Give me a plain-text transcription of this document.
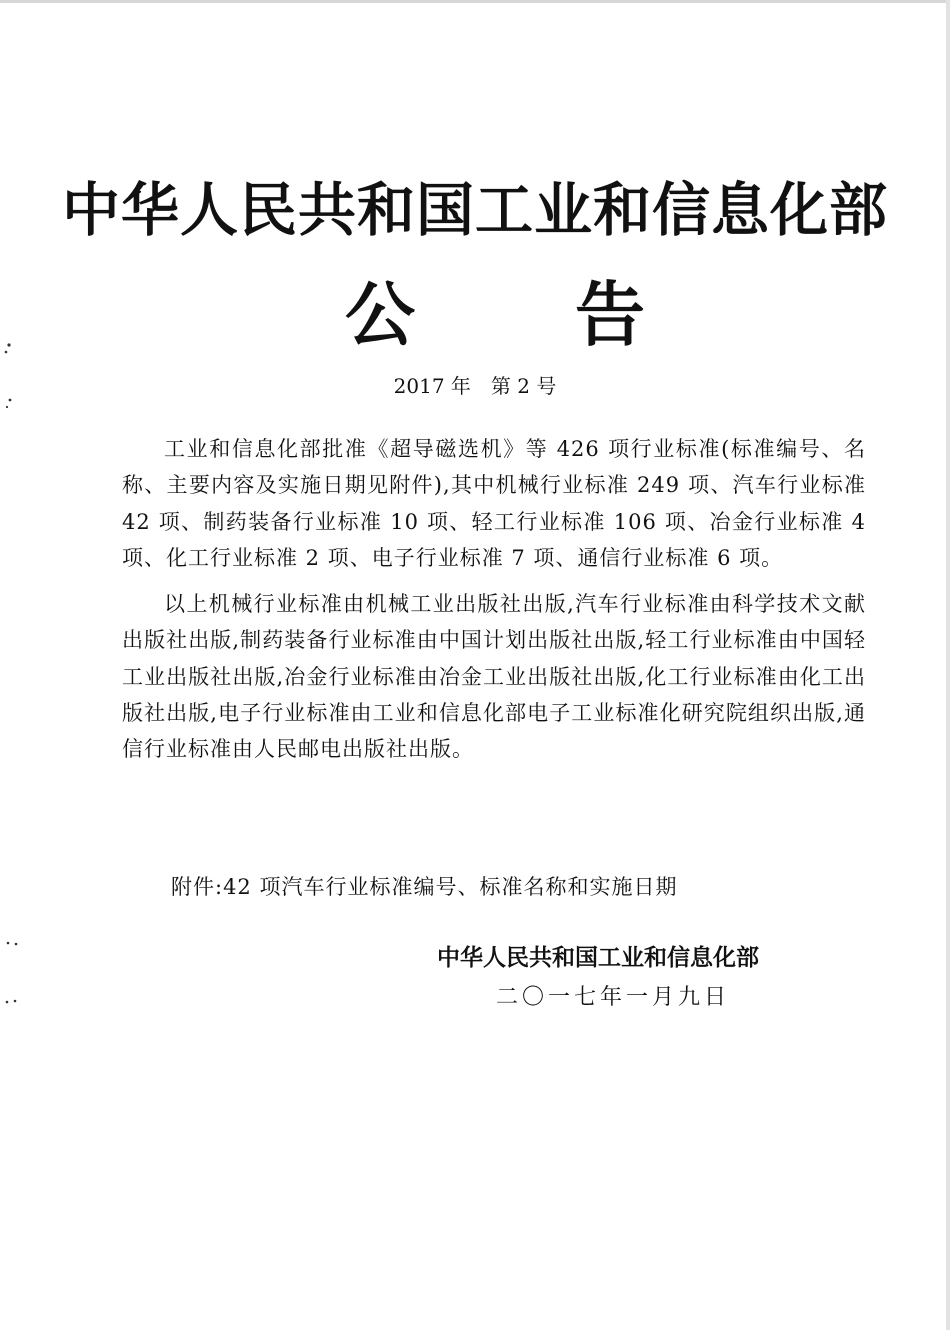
中华人民共和国工业和信息化部
公 告
2017 年　第 2 号

工业和信息化部批准《超导磁选机》等 426 项行业标准(标准编号、名称、主要内容及实施日期见附件),其中机械行业标准 249 项、汽车行业标准 42 项、制药装备行业标准 10 项、轻工行业标准 106 项、冶金行业标准 4 项、化工行业标准 2 项、电子行业标准 7 项、通信行业标准 6 项。

以上机械行业标准由机械工业出版社出版,汽车行业标准由科学技术文献出版社出版,制药装备行业标准由中国计划出版社出版,轻工行业标准由中国轻工业出版社出版,冶金行业标准由冶金工业出版社出版,化工行业标准由化工出版社出版,电子行业标准由工业和信息化部电子工业标准化研究院组织出版,通信行业标准由人民邮电出版社出版。

附件:42 项汽车行业标准编号、标准名称和实施日期
中华人民共和国工业和信息化部
二〇一七年一月九日
